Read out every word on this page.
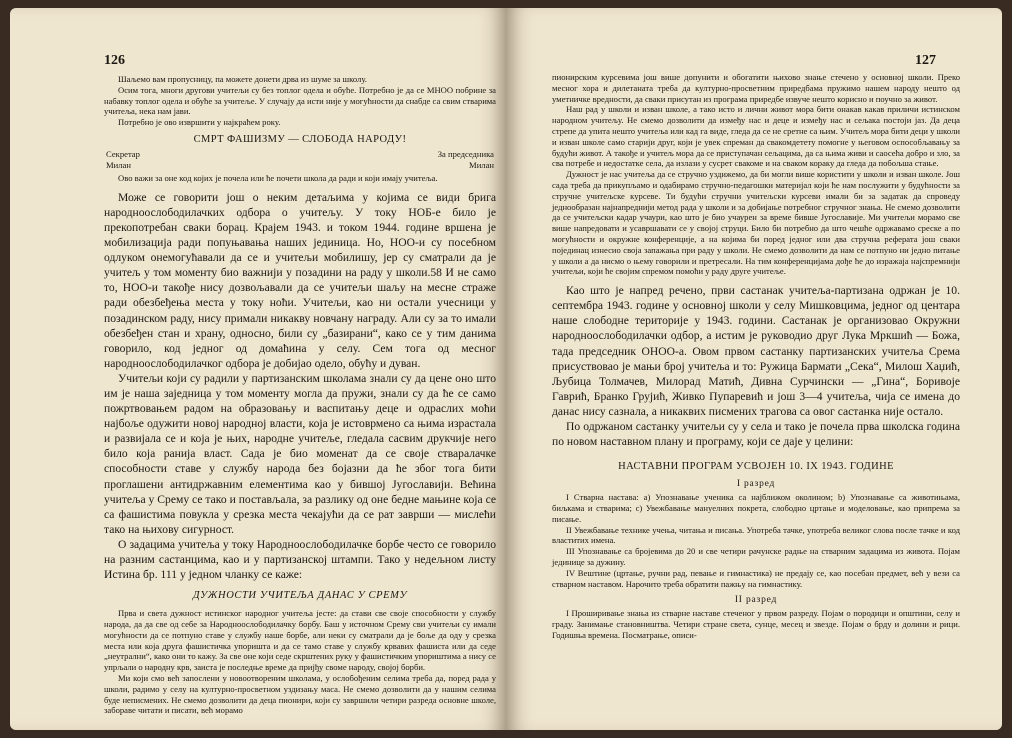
126

Шаљемо вам пропусницу, па можете донети дрва из шуме за школу.

Осим тога, многи другови учитељи су без топлог одела и обуће. Потребно је да се МНОО побрине за набавку топлог одела и обуће за учитеље. У случају да исти није у могућности да снабде са свим стварима учитеља, нека нам јави.

Потребно је ово извршити у најкраћем року.

СМРТ ФАШИЗМУ — СЛОБОДА НАРОДУ!

Секретар	За председника
Милан	Милан

Ово важи за оне код којих је почела или ће почети школа да ради и који имају учитеља.

Може се говорити још о неким детаљима у којима се види брига народноослободилачких одбора о учитељу. У току НОБ-е било је прекопотребан сваки борац. Крајем 1943. и током 1944. године вршена је мобилизација ради попуњавања наших јединица. Но, НОО-и су посебном одлуком онемогућавали да се и учитељи мобилишу, јер су сматрали да је учитељ у том моменту био важнији у позадини на раду у школи.58 И не само то, НОО-и такође нису дозвољавали да се учитељи шаљу на месне страже ради обезбеђења места у току ноћи. Учитељи, као ни остали учесници у позадинском раду, нису примали никакву новчану награду. Али су за то имали обезбеђен стан и храну, односно, били су „базирани“, како се у тим данима говорило, код једног од домаћина у селу. Сем тога од месног народноослободилачког одбора је добијао одело, обућу и дуван.

Учитељи који су радили у партизанским школама знали су да цене оно што им је наша заједница у том моменту могла да пружи, знали су да ће се само пожртвовањем радом на образовању и васпитању деце и одраслих моћи најбоље одужити новој народној власти, која је истоврмено са њима израстала и развијала се и која је њих, народне учитеље, гледала сасвим друкчије него било која ранија власт. Сада је био моменат да се своје стваралачке способности ставе у службу народа без бојазни да ће због тога бити проглашени антидржавним елементима као у бившој Југославији. Већина учитеља у Срему се тако и постављала, за разлику од оне бедне мањине која се са фашистима повукла у срезка места чекајући да се рат заврши — мислећи тако на њихову сигурност.

О задацима учитеља у току Народноослободилачке борбе често се говорило на разним састанцима, као и у партизанској штампи. Тако у недељном листу Истина бр. 111 у једном чланку се каже:

ДУЖНОСТИ УЧИТЕЉА ДАНАС У СРЕМУ

Прва и света дужност истинског народног учитеља јесте: да стави све своје способности у службу народа, да да све од себе за Народноослободилачку борбу. Баш у источном Срему сви учитељи су имали могућности да се потпуно ставе у службу наше борбе, али неки су сматрали да је боље да оду у срезка места или која друга фашистичка упоришта и да се тамо ставе у службу крвавих фашиста или да седе „неутрални“, како они то кажу. За све оне који седе скрштених руку у фашистичким упориштима а нису се упрљали о народну крв, заиста је последње време да пријђу своме народу, својој борби.

Ми који смо већ запослени у новоотвореним школама, у ослобођеним селима треба да, поред рада у школи, радимо у селу на културно-просветном уздизању маса. Не смемо дозволити да у нашим селима буде неписмених. Не смемо дозволити да деца пионири, који су завршили четири разреда основне школе, забораве читати и писати, већ морамо

127

пионирским курсевима још више допунити и обогатити њихово знање стечено у основној школи. Преко месног хора и дилетаната треба да културно-просветним приредбама пружимо нашем народу нешто од уметничке вредности, да сваки присутан из програма приредбе извуче нешто корисно и поучно за живот.

Наш рад у школи и изван школе, а тако исто и лични живот мора бити онакав какав приличи истинском народном учитељу. Не смемо дозволити да између нас и деце и између нас и сељака постоји јаз. Да деца стрепе да упита нешто учитеља или кад га виде, гледа да се не сретне са њим. Учитељ мора бити деци у школи и изван школе само старији друг, који је увек спреман да свакомдетету помогне у његовом оспособљавању за будући живот. А такође и учитељ мора да се приступачан сељацима, да са њима живи и саосећа добро и зло, за сва потребе и недостатке села, да излази у сусрет свакоме и на сваком кораку да гледа да побољша стање.

Дужност је нас учитеља да се стручно уздижемо, да би могли више користити у школи и изван школе. Још сада треба да прикупљамо и одабирамо стручно-педагошки материјал који ће нам послужити у будућности за стручне учитељске курсеве. Ти будући стручни учитељски курсеви имали би за задатак да спроведу једнообразан најнапреднији метод рада у школи и за добијање потребног стручног знања. Не смемо дозволити да се учитељски кадар учаури, као што је био учаурен за време бивше Југославије. Ми учитељи морамо све више напредовати и усавршавати се у својој струци. Било би потребно да што чешће одржавамо среске а по могућности и окружне конференције, а на којима би поред једног или два стручна реферата још сваки појединац изнесио своја запажања при раду у школи. Не смемо дозволити да нам се потпуно ни једно питање у школи а да нисмо о њему говорили и претресали. На тим конференцијама дође ће до изражаја најспремнији учитељи, који ће својим спремом помоћи у раду друге учитеље.

Као што је напред речено, први састанак учитеља-партизана одржан је 10. септембра 1943. године у основној школи у селу Мишковцима, једног од центара наше слободне територије у 1943. години. Састанак је организовао Окружни народноослободилачки одбор, а истим је руководио друг Лука Мркшић — Божа, тада председник ОНОО-а. Овом првом састанку партизанских учитеља Срема присуствовао је мањи број учитеља и то: Ружица Бармати „Сека“, Милош Хаџић, Љубица Толмачев, Милорад Матић, Дивна Сурчински — „Гина“, Боривоје Гаврић, Бранко Грујић, Живко Пупаревић и још 3—4 учитеља, чија се имена до данас нису сазнала, а никаквих писмених трагова са овог састанка није остало.

По одржаном састанку учитељи су у села и тако је почела прва школска година по новом наставном плану и програму, који се даје у целини:

НАСТАВНИ ПРОГРАМ УСВОЈЕН 10. IX 1943. ГОДИНЕ

I разред

I Стварна настава: а) Упознавање ученика са најближом околином; b) Упознавање са животињама, биљкама и стварима; c) Увежбавање мануелних покрета, слободно цртање и моделовање, као припрема за писање.

II Увежбавање технике учења, читања и писања. Употреба тачке, употреба великог слова после тачке и код властитих имена.

III Упознавање са бројевима до 20 и све четири рачунске радње на стварним задацима из живота. Појам јединице за дужину.

IV Вештине (цртање, ручни рад, певање и гимнастика) не предају се, као посебан предмет, већ у вези са стварном наставом. Нарочито треба обратити пажњу на гимнастику.

II разред

I Проширивање знања из стварне наставе стеченог у првом разреду. Појам о породици и општини, селу и граду. Занимање становништва. Четири стране света, сунце, месец и звезде. Појам о брду и долини и рици. Годишња времена. Посматрање, описи-
